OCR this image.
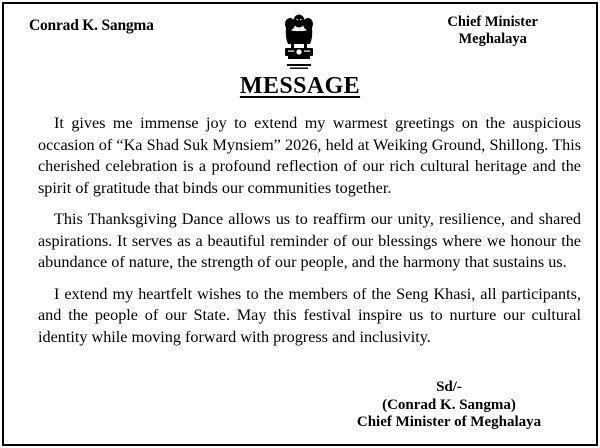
Conrad K. Sangma	Chief Minister
Meghalaya
MESSAGE

It gives me immense joy to extend my warmest greetings on the auspicious occasion of “Ka Shad Suk Mynsiem” 2026, held at Weiking Ground, Shillong. This cherished celebration is a profound reflection of our rich cultural heritage and the spirit of gratitude that binds our communities together.

This Thanksgiving Dance allows us to reaffirm our unity, resilience, and shared aspirations. It serves as a beautiful reminder of our blessings where we honour the abundance of nature, the strength of our people, and the harmony that sustains us.

I extend my heartfelt wishes to the members of the Seng Khasi, all participants, and the people of our State. May this festival inspire us to nurture our cultural identity while moving forward with progress and inclusivity.

Sd/-
(Conrad K. Sangma)
Chief Minister of Meghalaya
